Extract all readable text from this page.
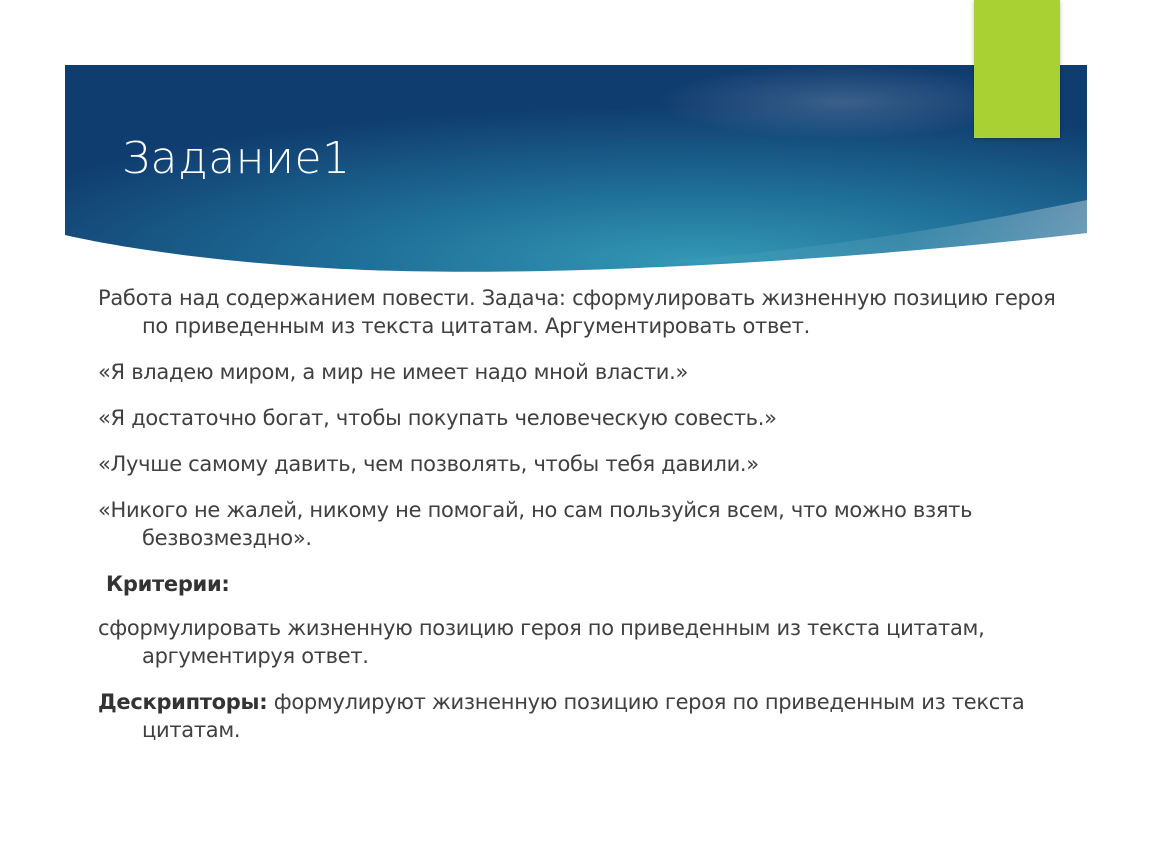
Задание1

Работа над содержанием повести. Задача: сформулировать жизненную позицию героя по приведенным из текста цитатам. Аргументировать ответ.

«Я владею миром, а мир не имеет надо мной власти.»

«Я достаточно богат, чтобы покупать человеческую совесть.»

«Лучше самому давить, чем позволять, чтобы тебя давили.»

«Никого не жалей, никому не помогай, но сам пользуйся всем, что можно взять безвозмездно».

Критерии:

сформулировать жизненную позицию героя по приведенным из текста цитатам, аргументируя ответ.

Дескрипторы: формулируют жизненную позицию героя по приведенным из текста цитатам.
